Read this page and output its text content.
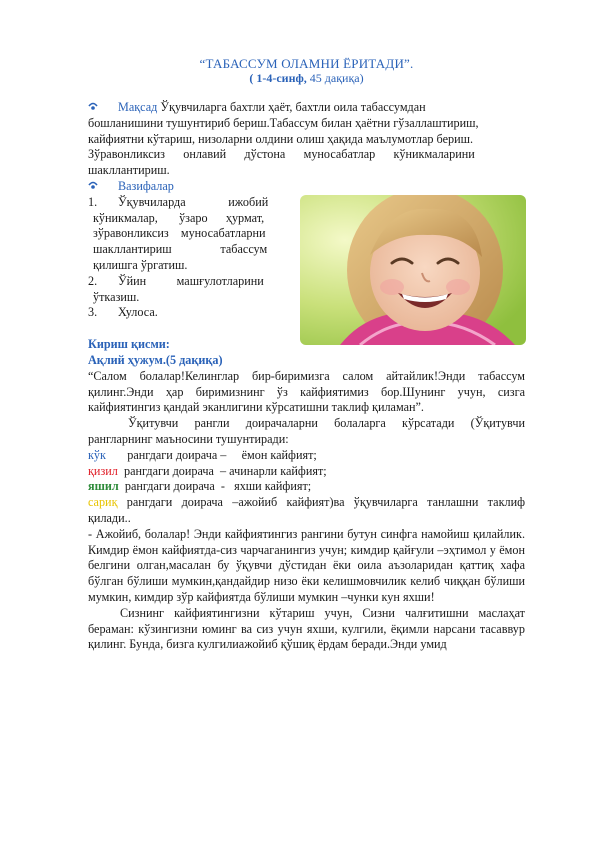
“ТАБАССУМ ОЛАМНИ ЁРИТАДИ”.
( 1-4-синф, 45 дақиқа)
Мақсад Ўқувчиларга бахтли ҳаёт, бахтли оила табассумдан
бошланишини тушунтириб бериш.Табассум билан ҳаётни гўзаллаштириш,
кайфиятни кўтариш, низоларни олдини олиш ҳақида маълумотлар бериш.
Зўравонликсиз      онлавий      дўстона      муносабатлар      кўникмаларини
шакллантириш.
Вазифалар
1. Ўқувчиларда              ижобий
кўникмалар,       ўзаро      ҳурмат,
зўравонликсиз    муносабатларни
шакллантириш                табассум
қилишга ўргатиш.
2. Ўйин          машғулотларини
ўтказиш.
3. Хулоса.
Кириш қисми:
Ақлий ҳужум.(5 дақиқа)
“Салом болалар!Келинглар бир-биримизга салом айтайлик!Энди табассум қилинг.Энди ҳар биримизнинг ўз кайфиятимиз бор.Шунинг учун, сизга кайфиятингиз қандай эканлигини кўрсатишни таклиф қиламан”.
Ўқитувчи рангли доирачаларни болаларга кўрсатади (Ўқитувчи рангларнинг маъносини тушунтиради:
кўк       рангдаги доирача –     ёмон кайфият;
қизил  рангдаги доирача  – ачинарли кайфият;
яшил  рангдаги доирача  -   яхши кайфият;
сариқ рангдаги доирача –ажойиб кайфият)ва ўқувчиларга танлашни таклиф қилади..
- Ажойиб, болалар! Энди кайфиятингиз рангини бутун синфга намойиш қилайлик. Кимдир ёмон кайфиятда-сиз чарчаганингиз учун; кимдир қайғули –эҳтимол у ёмон белгини олган,масалан бу ўқувчи дўстидан ёки оила аъзоларидан қаттиқ хафа бўлган бўлиши мумкин,қандайдир низо ёки келишмовчилик келиб чиққан бўлиши мумкин, кимдир зўр кайфиятда бўлиши мумкин –чунки кун яхши!
Сизнинг кайфиятингизни кўтариш учун, Сизни чалғитишни маслаҳат бераман: кўзингизни юминг ва сиз учун яхши, кулгили, ёқимли нарсани тасаввур қилинг. Бунда, бизга кулгилиажойиб қўшиқ ёрдам беради.Энди умид
